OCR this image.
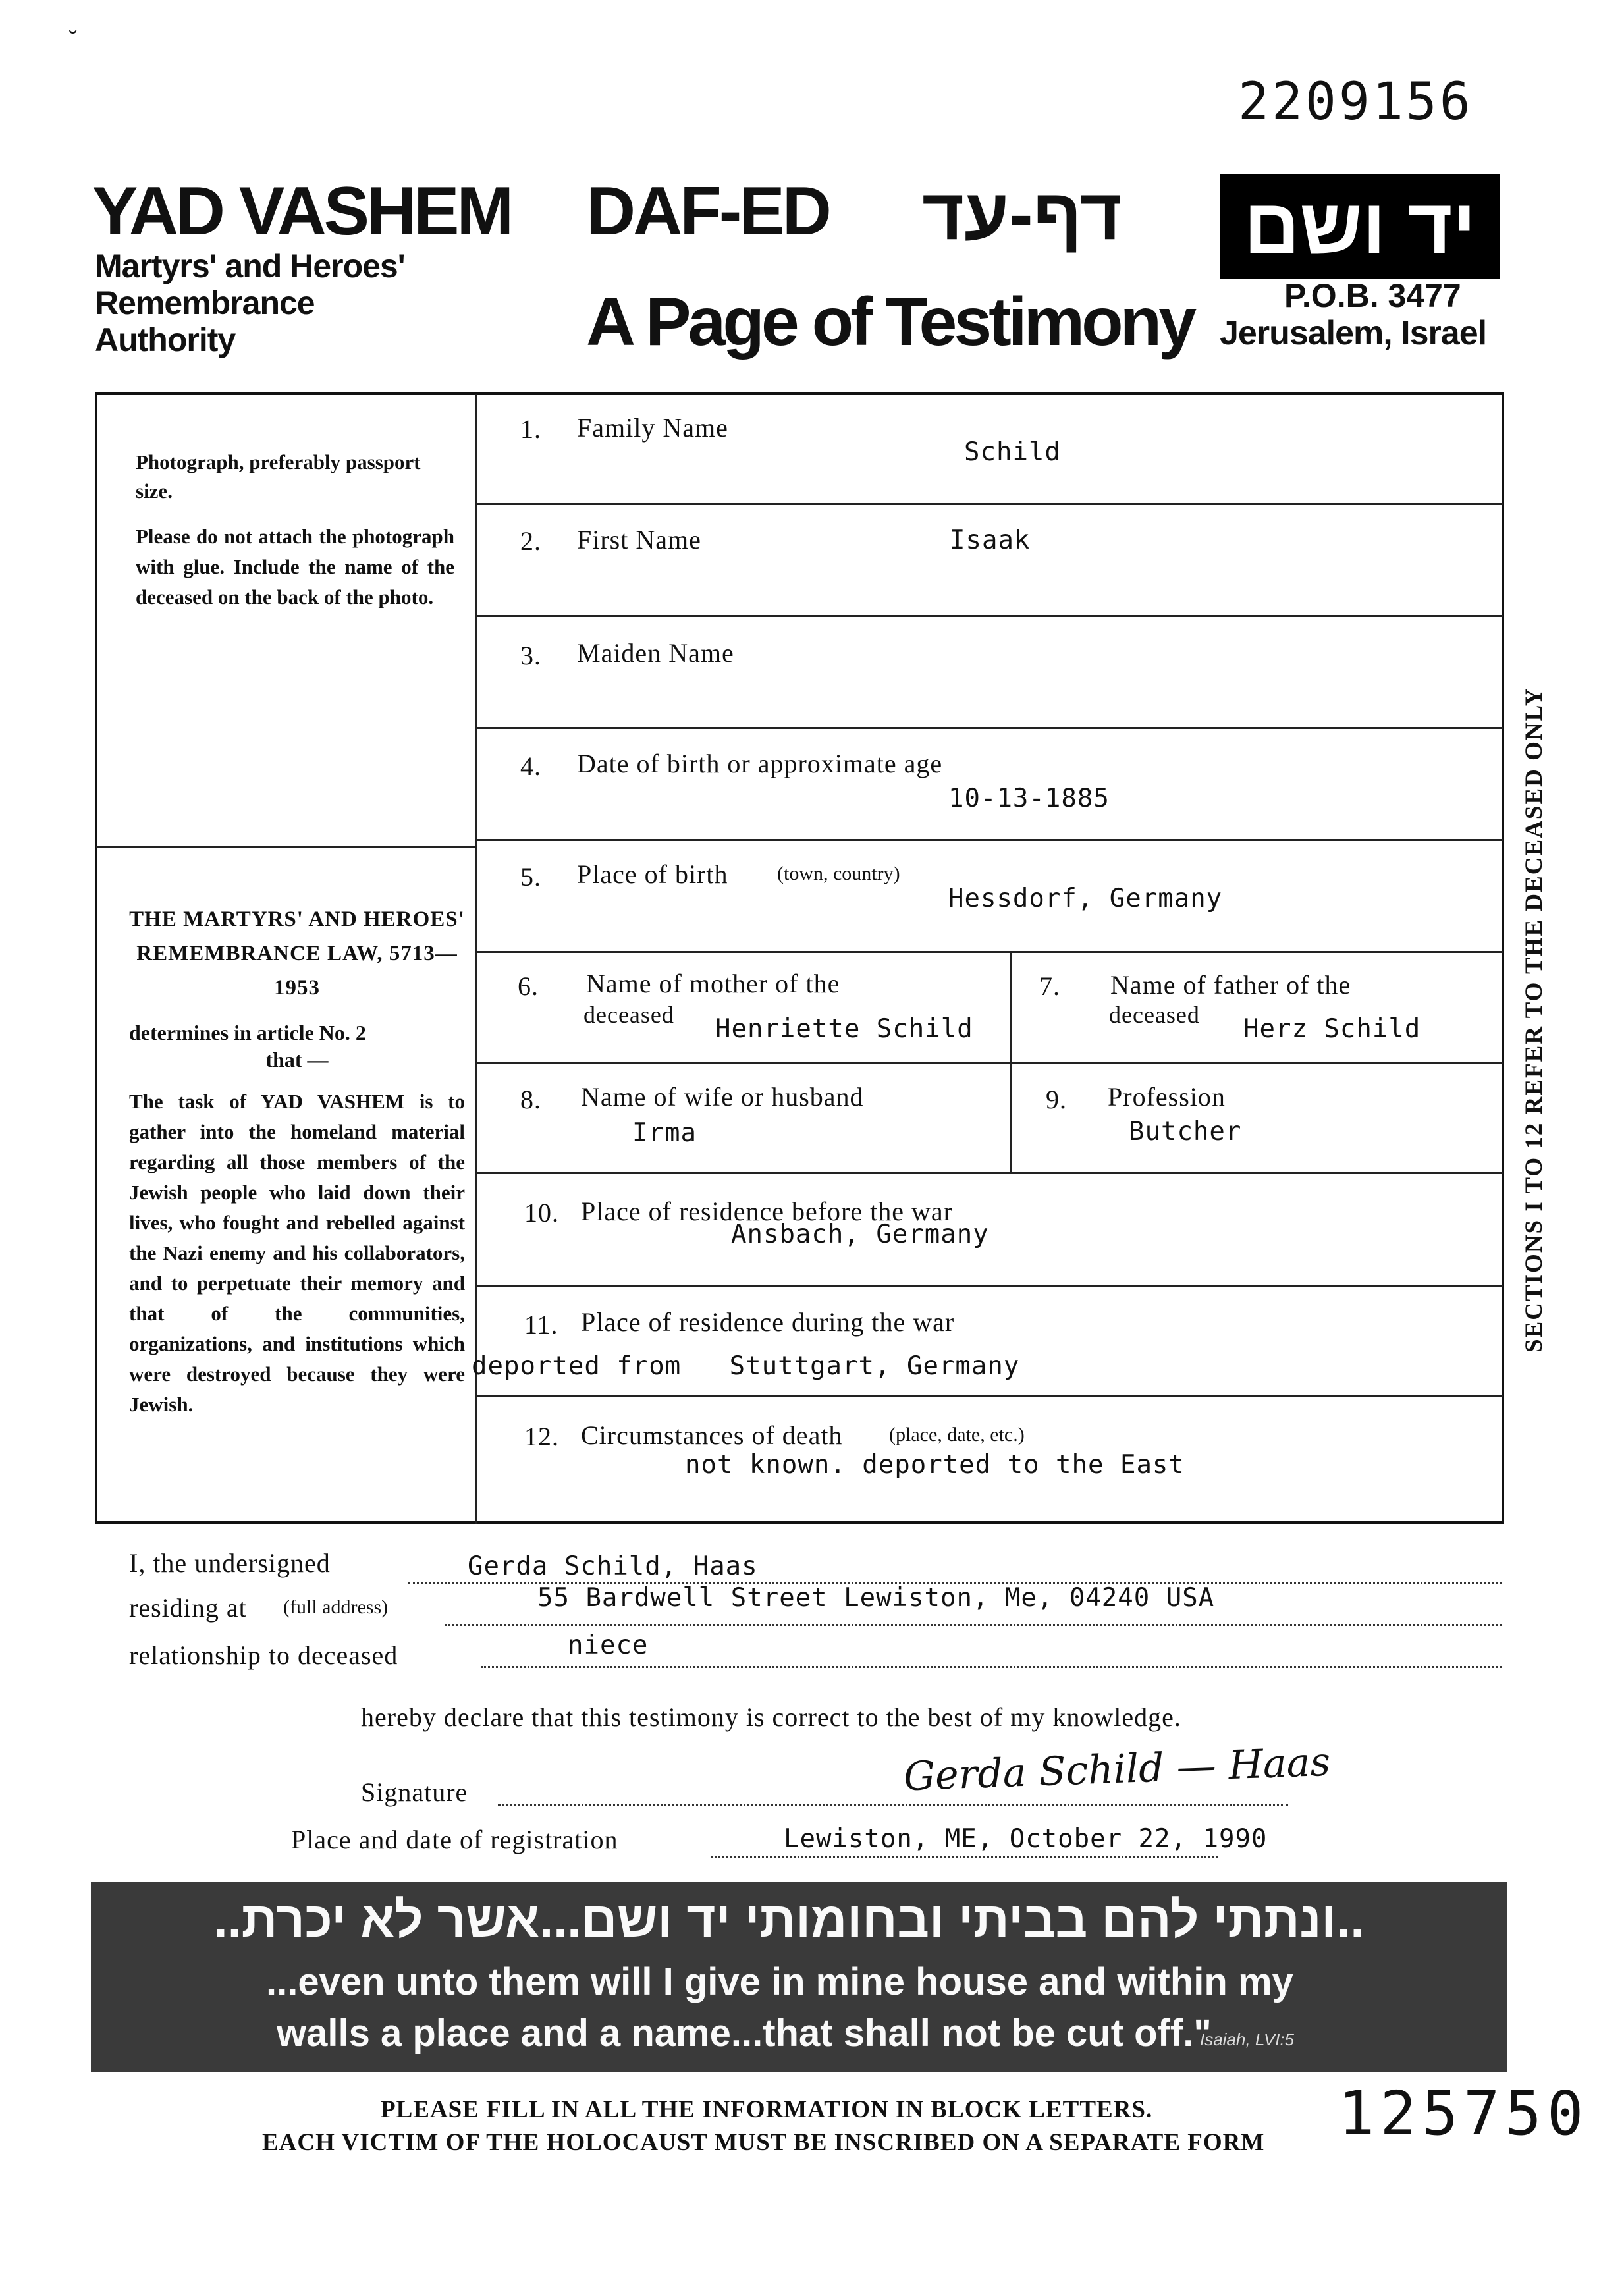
˘
2209156
YAD VASHEM
Martyrs' and Heroes'
Remembrance
Authority
DAF-ED דף-עד
A Page of Testimony
יד ושם
P.O.B. 3477
Jerusalem, Israel
Photograph, preferably passport size.
Please do not attach the photograph with glue. Include the name of the deceased on the back of the photo.
THE MARTYRS' AND HEROES' REMEMBRANCE LAW, 5713—1953
determines in article No. 2
that —
The task of YAD VASHEM is to gather into the homeland material regarding all those members of the Jewish people who laid down their lives, who fought and rebelled against the Nazi enemy and his collaborators, and to perpetuate their memory and that of the communities, organizations, and institutions which were destroyed because they were Jewish.
1. Family Name
Schild
2. First Name	Isaak
3. Maiden Name
4. Date of birth or approximate age
10-13-1885
5. Place of birth (town, country)
Hessdorf, Germany
6. Name of mother of the
deceased Henriette Schild
7. Name of father of the
deceased Herz Schild
8. Name of wife or husband
Irma
9. Profession
Butcher
10. Place of residence before the war
Ansbach, Germany
11. Place of residence during the war
deported from   Stuttgart, Germany
12. Circumstances of death (place, date, etc.)
not known. deported to the East
I, the undersigned	Gerda Schild, Haas
residing at (full address)	55 Bardwell Street Lewiston, Me, 04240 USA
relationship to deceased	niece
hereby declare that this testimony is correct to the best of my knowledge.
Signature	Gerda Schild — Haas
Place and date of registration	Lewiston, ME, October 22, 1990
..ונתתי להם בביתי ובחומותי יד ושם...אשר לא יכרת..
...even unto them will I give in mine house and within my
walls a place and a name...that shall not be cut off."
Isaiah, LVI:5
PLEASE FILL IN ALL THE INFORMATION IN BLOCK LETTERS.
EACH VICTIM OF THE HOLOCAUST MUST BE INSCRIBED ON A SEPARATE FORM 125750
SECTIONS I TO 12 REFER TO THE DECEASED ONLY
